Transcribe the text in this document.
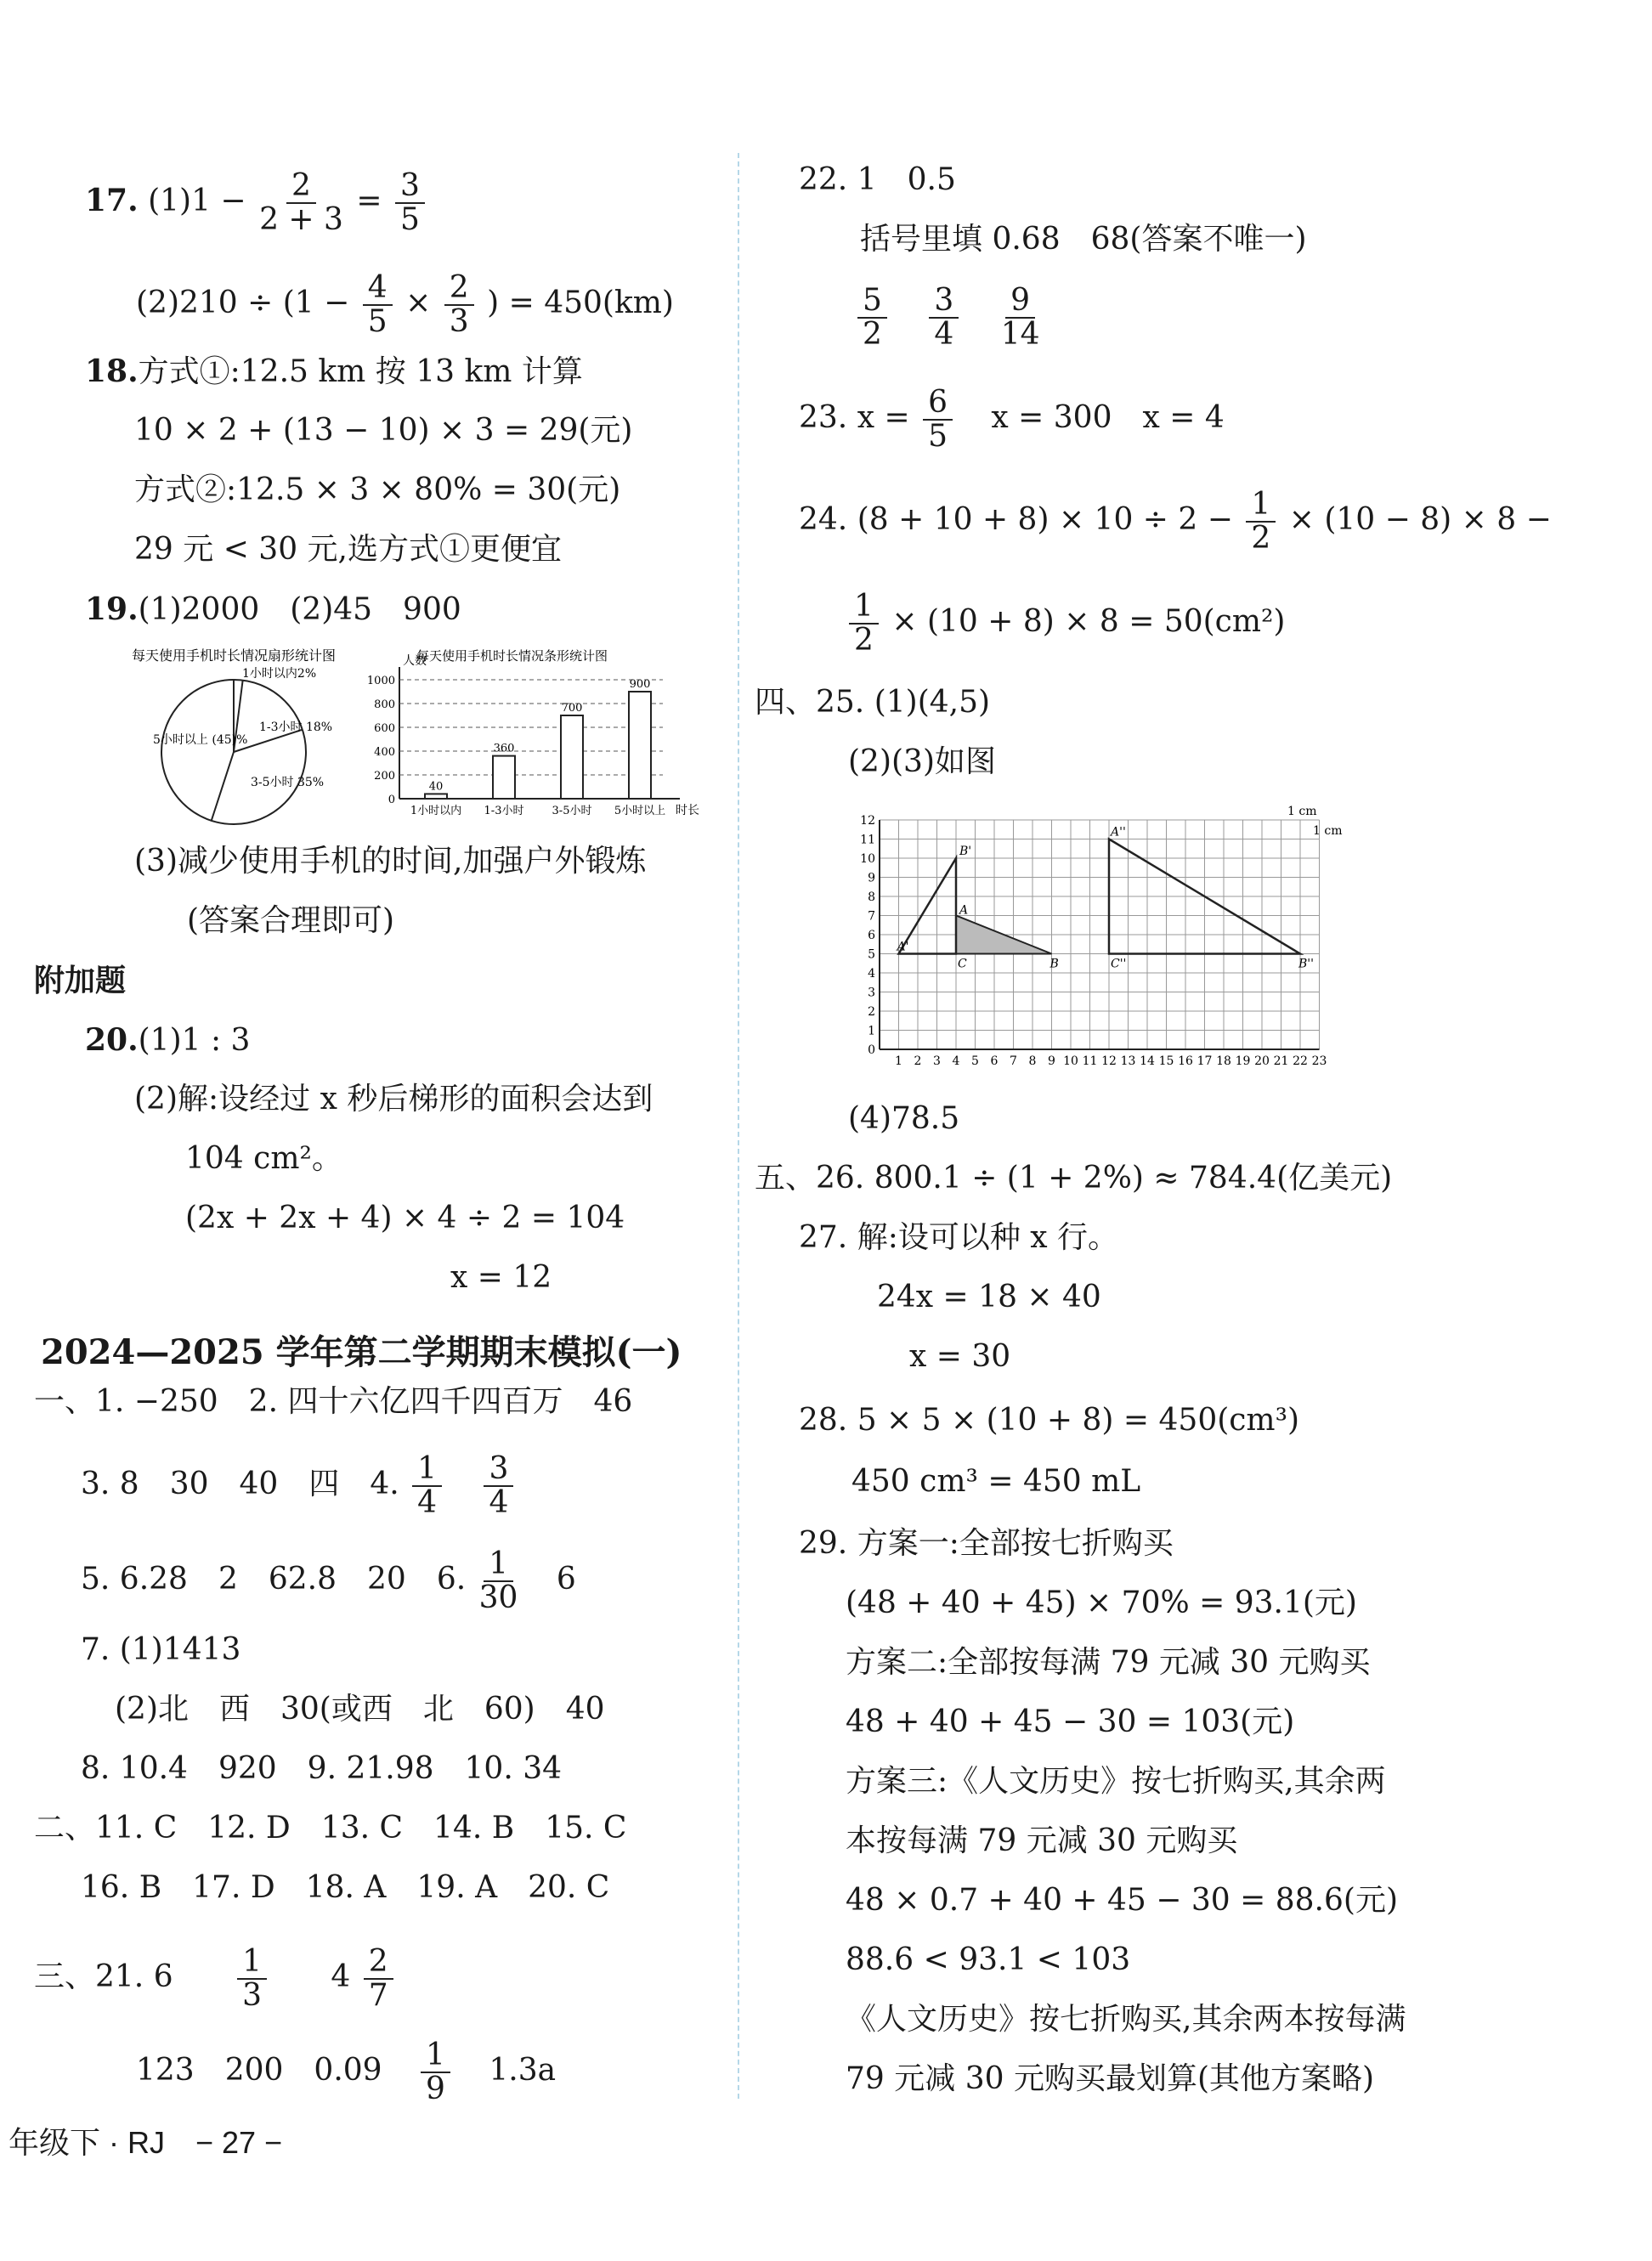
17. $(1)1 - \frac{2}{2 + 3} = \frac{3}{5}$
$(2)210 \div (1 - \frac{4}{5} \times \frac{2}{3}$ ) = 450(km)
18.方式①:12.5 km 按 13 km 计算
10 × 2 + (13 − 10) × 3 = 29(元)
方式②:12.5 × 3 × 80% = 30(元)
29 元 < 30 元,选方式①更便宜
19.(1)2000　(2)45　900
每天使用手机时长情况扇形统计图
1小时以内2%
1-3小时 18%
3-5小时 35%
5小时以上 (45)%
每天使用手机时长情况条形统计图
人数
时长
0
200
400
600
800
1000
40
1小时以内
360
1-3小时
700
3-5小时
900
5小时以上
(3)减少使用手机的时间,加强户外锻炼
(答案合理即可)
附加题
20.(1)1 : 3
(2)解:设经过 x 秒后梯形的面积会达到
104 cm²。
(2x + 2x + 4) × 4 ÷ 2 = 104
x = 12
2024—2025 学年第二学期期末模拟(一)
一、1. −250　2. 四十六亿四千四百万　46
3. 8　30　40　四　4. $\frac{1}{4}$
$\frac{3}{4}$
5. 6.28　2　62.8　20　6. $\frac{1}{30} 6$
7. (1)1413
(2)北　西　30(或西　北　60)　40
8. 10.4　920　9. 21.98　10. 34
二、11. C　12. D　13. C　14. B　15. C
16. B　17. D　18. A　19. A　20. C
三、21. $6 \frac{1}{3} 4 \frac{2}{7}$
123　200　$0.09 \frac{1}{9} 1.3a$
年级下 · RJ　− 27 −
22. 1　0.5
括号里填 0.68　68(答案不唯一)
$\frac{5}{2}$
$\frac{3}{4}$
$\frac{9}{14}$
23. $x = \frac{6}{5}$ x = 300　x = 4
24. $(8 + 10 + 8) \times 10 \div 2 - \frac{1}{2} \times (10 - 8) \times 8$ −
$\frac{1}{2} \times (10 + 8) \times 8 = 50(cm^2)$
四、25. (1)(4,5)
(2)(3)如图
1 2 3 4 5 6 7 8 9 10 11 12 13 14 15 16 17 18 19 20 21 22 23
0
1
2
3
4
5
6
7
8
9
10
11
12
A'
B'
A
C	B	C''	B''
A''
1 cm
1 cm
(4)78.5
五、26. 800.1 ÷ (1 + 2%) ≈ 784.4(亿美元)
27. 解:设可以种 x 行。
24x = 18 × 40
x = 30
28. 5 × 5 × (10 + 8) = 450(cm³)
450 cm³ = 450 mL
29. 方案一:全部按七折购买
(48 + 40 + 45) × 70% = 93.1(元)
方案二:全部按每满 79 元减 30 元购买
48 + 40 + 45 − 30 = 103(元)
方案三:《人文历史》按七折购买,其余两
本按每满 79 元减 30 元购买
48 × 0.7 + 40 + 45 − 30 = 88.6(元)
88.6 < 93.1 < 103
《人文历史》按七折购买,其余两本按每满
79 元减 30 元购买最划算(其他方案略)
